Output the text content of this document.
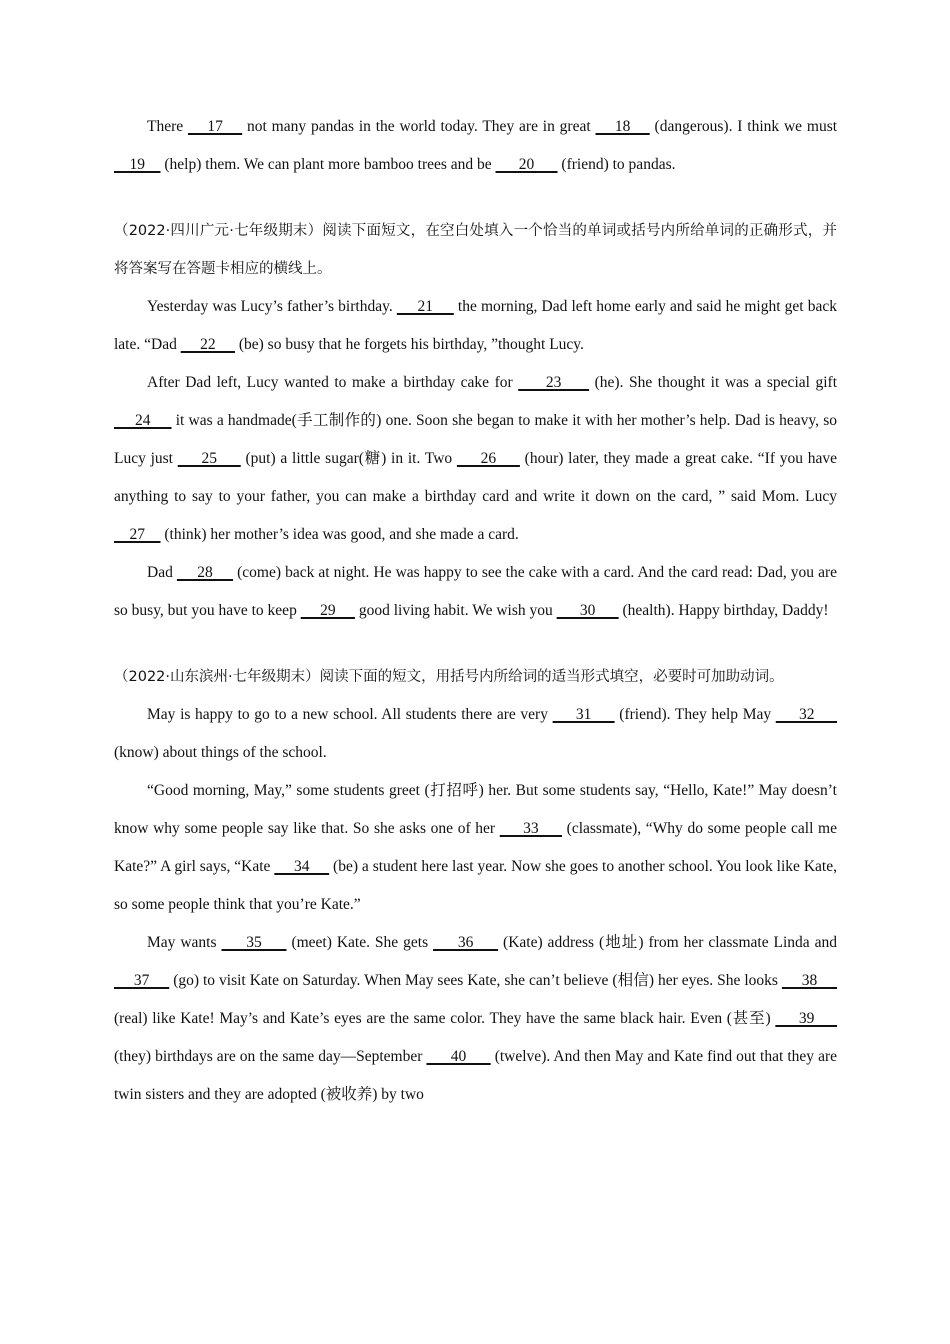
There     17     not many pandas in the world today. They are in great     18     (dangerous). I think we must     19     (help) them. We can plant more bamboo trees and be       20       (friend) to pandas.

（2022·四川广元·七年级期末）阅读下面短文，在空白处填入一个恰当的单词或括号内所给单词的正确形式，并将答案写在答题卡相应的横线上。

Yesterday was Lucy’s father’s birthday.      21      the morning, Dad left home early and said he might get back late. “Dad      22      (be) so busy that he forgets his birthday, ”thought Lucy.

After Dad left, Lucy wanted to make a birthday cake for      23      (he). She thought it was a special gift      24      it was a handmade(手工制作的) one. Soon she began to make it with her mother’s help. Dad is heavy, so Lucy just      25      (put) a little sugar(糖) in it. Two      26      (hour) later, they made a great cake. “If you have anything to say to your father, you can make a birthday card and write it down on the card, ” said Mom. Lucy     27     (think) her mother’s idea was good, and she made a card.

Dad      28      (come) back at night. He was happy to see the cake with a card. And the card read: Dad, you are so busy, but you have to keep      29      good living habit. We wish you       30       (health). Happy birthday, Daddy!

（2022·山东滨州·七年级期末）阅读下面的短文，用括号内所给词的适当形式填空，必要时可加助动词。

May is happy to go to a new school. All students there are very      31      (friend). They help May      32      (know) about things of the school.

“Good morning, May,” some students greet (打招呼) her. But some students say, “Hello, Kate!” May doesn’t know why some people say like that. So she asks one of her      33      (classmate), “Why do some people call me Kate?” A girl says, “Kate      34      (be) a student here last year. Now she goes to another school. You look like Kate, so some people think that you’re Kate.”

May wants      35      (meet) Kate. She gets      36      (Kate) address (地址) from her classmate Linda and      37      (go) to visit Kate on Saturday. When May sees Kate, she can’t believe (相信) her eyes. She looks      38      (real) like Kate! May’s and Kate’s eyes are the same color. They have the same black hair. Even (甚至)      39      (they) birthdays are on the same day—September       40       (twelve). And then May and Kate find out that they are twin sisters and they are adopted (被收养) by two
